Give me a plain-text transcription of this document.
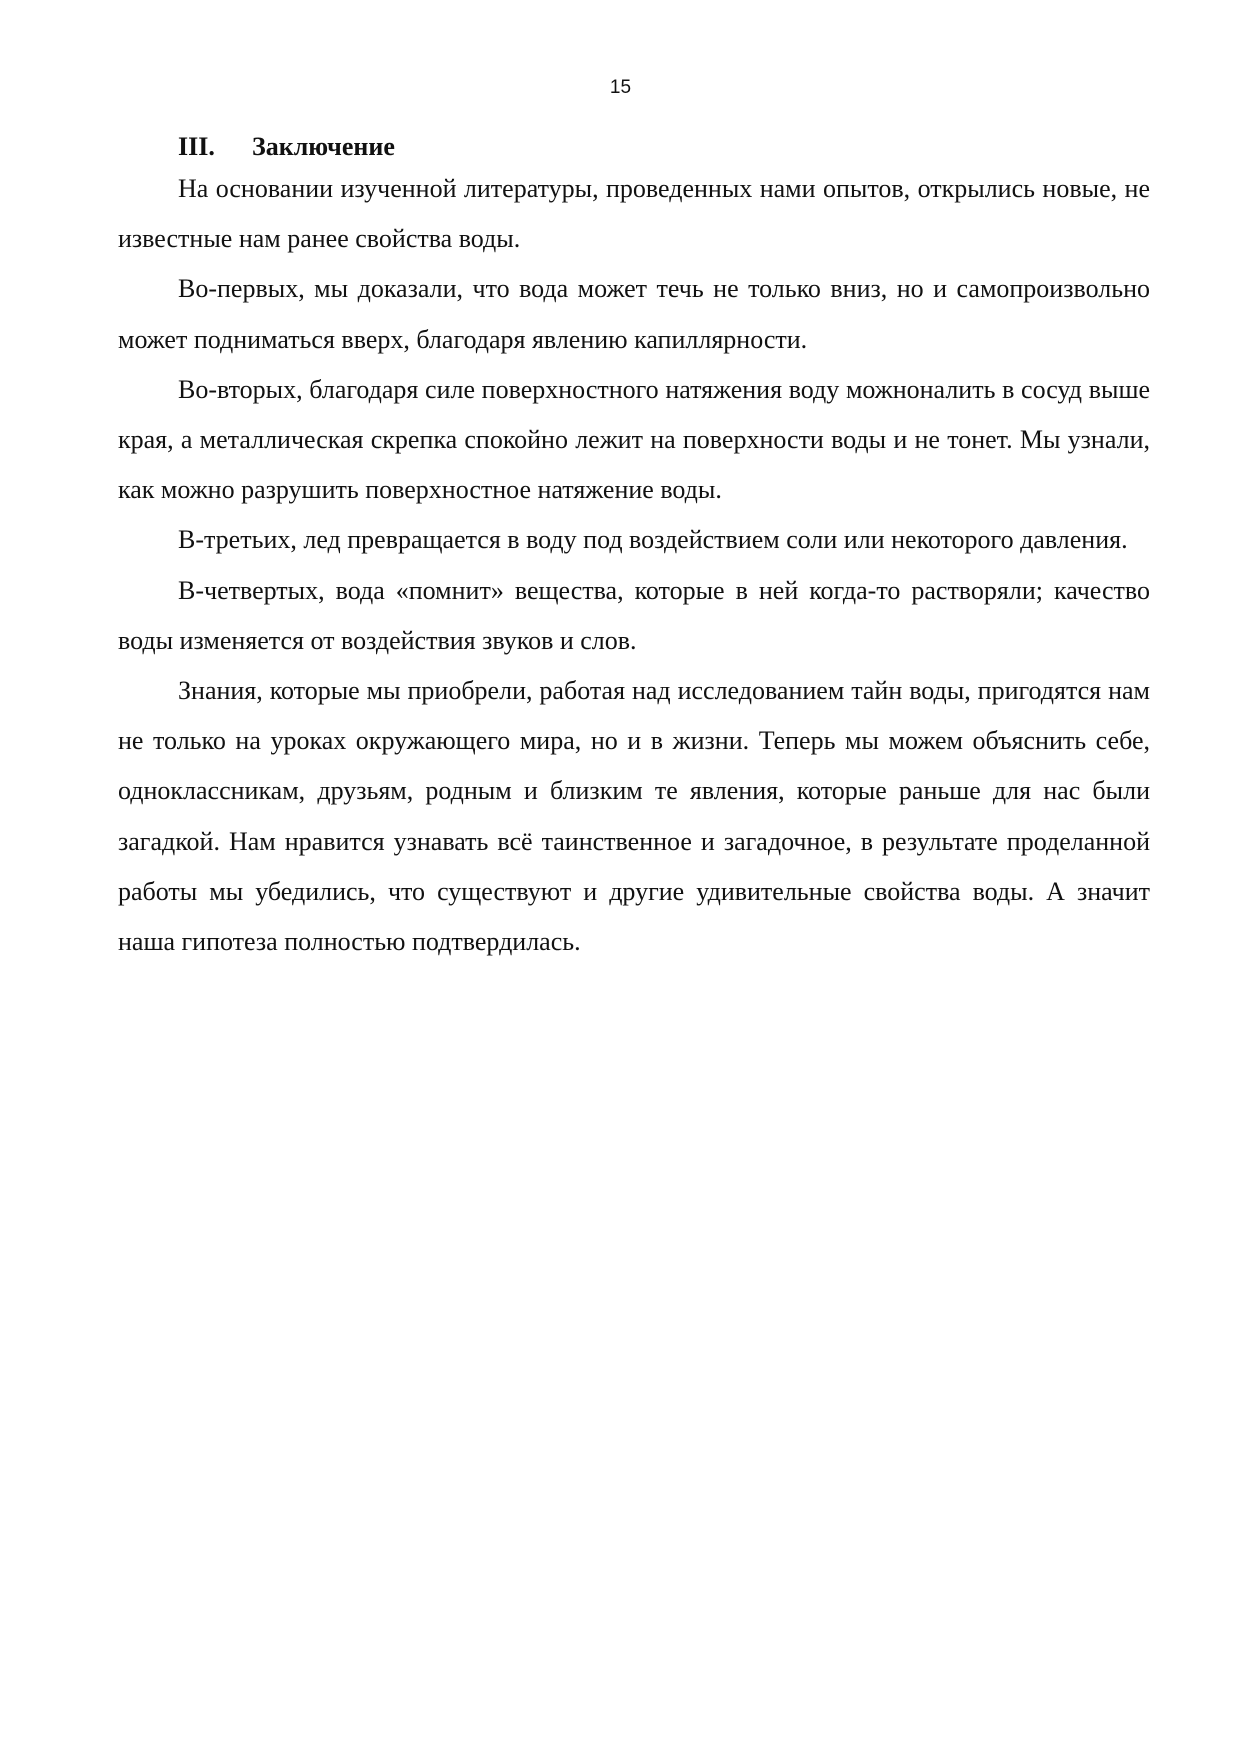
15
III. Заключение

На основании изученной литературы, проведенных нами опытов, открылись новые, не известные нам ранее свойства воды.

Во-первых, мы доказали, что вода может течь не только вниз, но и самопроизвольно может подниматься вверх, благодаря явлению капиллярности.

Во-вторых, благодаря силе поверхностного натяжения воду можноналить в сосуд выше края, а металлическая скрепка спокойно лежит на поверхности воды и не тонет. Мы узнали, как можно разрушить поверхностное натяжение воды.

В-третьих, лед превращается в воду под воздействием соли или некоторого давления.

В-четвертых, вода «помнит» вещества, которые в ней когда-то растворяли; качество воды изменяется от воздействия звуков и слов.

Знания, которые мы приобрели, работая над исследованием тайн воды, пригодятся нам не только на уроках окружающего мира, но и в жизни. Теперь мы можем объяснить себе, одноклассникам, друзьям, родным и близким те явления, которые раньше для нас были загадкой. Нам нравится узнавать всё таинственное и загадочное, в результате проделанной работы мы убедились, что существуют и другие удивительные свойства воды. А значит наша гипотеза полностью подтвердилась.
